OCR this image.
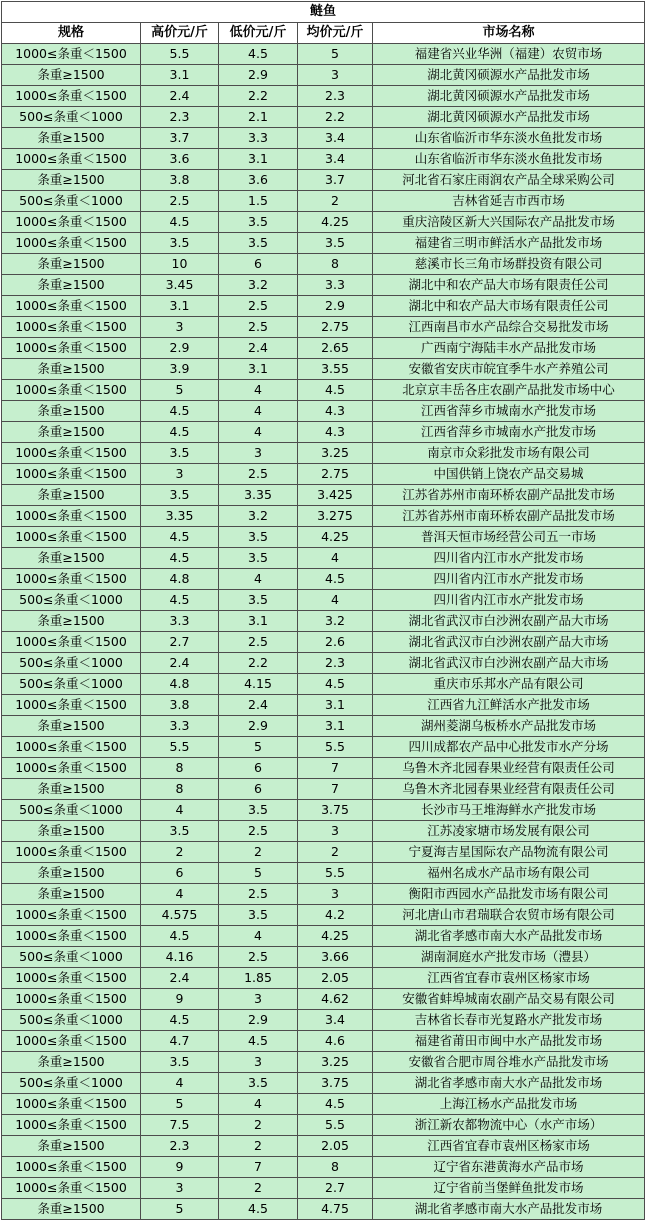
鲢鱼				
规格	高价元/斤	低价元/斤	均价元/斤	市场名称
1000≤条重＜1500	5.5	4.5	5	福建省兴业华洲（福建）农贸市场
条重≥1500	3.1	2.9	3	湖北黄冈硕源水产品批发市场
1000≤条重＜1500	2.4	2.2	2.3	湖北黄冈硕源水产品批发市场
500≤条重＜1000	2.3	2.1	2.2	湖北黄冈硕源水产品批发市场
条重≥1500	3.7	3.3	3.4	山东省临沂市华东淡水鱼批发市场
1000≤条重＜1500	3.6	3.1	3.4	山东省临沂市华东淡水鱼批发市场
条重≥1500	3.8	3.6	3.7	河北省石家庄雨润农产品全球采购公司
500≤条重＜1000	2.5	1.5	2	吉林省延吉市西市场
1000≤条重＜1500	4.5	3.5	4.25	重庆涪陵区新大兴国际农产品批发市场
1000≤条重＜1500	3.5	3.5	3.5	福建省三明市鲜活水产品批发市场
条重≥1500	10	6	8	慈溪市长三角市场群投资有限公司
条重≥1500	3.45	3.2	3.3	湖北中和农产品大市场有限责任公司
1000≤条重＜1500	3.1	2.5	2.9	湖北中和农产品大市场有限责任公司
1000≤条重＜1500	3	2.5	2.75	江西南昌市水产品综合交易批发市场
1000≤条重＜1500	2.9	2.4	2.65	广西南宁海陆丰水产品批发市场
条重≥1500	3.9	3.1	3.55	安徽省安庆市皖宜季牛水产养殖公司
1000≤条重＜1500	5	4	4.5	北京京丰岳各庄农副产品批发市场中心
条重≥1500	4.5	4	4.3	江西省萍乡市城南水产批发市场
条重≥1500	4.5	4	4.3	江西省萍乡市城南水产批发市场
1000≤条重＜1500	3.5	3	3.25	南京市众彩批发市场有限公司
1000≤条重＜1500	3	2.5	2.75	中国供销上饶农产品交易城
条重≥1500	3.5	3.35	3.425	江苏省苏州市南环桥农副产品批发市场
1000≤条重＜1500	3.35	3.2	3.275	江苏省苏州市南环桥农副产品批发市场
1000≤条重＜1500	4.5	3.5	4.25	普洱天恒市场经营公司五一市场
条重≥1500	4.5	3.5	4	四川省内江市水产批发市场
1000≤条重＜1500	4.8	4	4.5	四川省内江市水产批发市场
500≤条重＜1000	4.5	3.5	4	四川省内江市水产批发市场
条重≥1500	3.3	3.1	3.2	湖北省武汉市白沙洲农副产品大市场
1000≤条重＜1500	2.7	2.5	2.6	湖北省武汉市白沙洲农副产品大市场
500≤条重＜1000	2.4	2.2	2.3	湖北省武汉市白沙洲农副产品大市场
500≤条重＜1000	4.8	4.15	4.5	重庆市乐邦水产品有限公司
1000≤条重＜1500	3.8	2.4	3.1	江西省九江鲜活水产批发市场
条重≥1500	3.3	2.9	3.1	湖州菱湖乌板桥水产品批发市场
1000≤条重＜1500	5.5	5	5.5	四川成都农产品中心批发市水产分场
1000≤条重＜1500	8	6	7	乌鲁木齐北园春果业经营有限责任公司
条重≥1500	8	6	7	乌鲁木齐北园春果业经营有限责任公司
500≤条重＜1000	4	3.5	3.75	长沙市马王堆海鲜水产批发市场
条重≥1500	3.5	2.5	3	江苏凌家塘市场发展有限公司
1000≤条重＜1500	2	2	2	宁夏海吉星国际农产品物流有限公司
条重≥1500	6	5	5.5	福州名成水产品市场有限公司
条重≥1500	4	2.5	3	衡阳市西园水产品批发市场有限公司
1000≤条重＜1500	4.575	3.5	4.2	河北唐山市君瑞联合农贸市场有限公司
1000≤条重＜1500	4.5	4	4.25	湖北省孝感市南大水产品批发市场
500≤条重＜1000	4.16	2.5	3.66	湖南洞庭水产批发市场（澧县）
1000≤条重＜1500	2.4	1.85	2.05	江西省宜春市袁州区杨家市场
1000≤条重＜1500	9	3	4.62	安徽省蚌埠城南农副产品交易有限公司
500≤条重＜1000	4.5	2.9	3.4	吉林省长春市光复路水产批发市场
1000≤条重＜1500	4.7	4.5	4.6	福建省莆田市闽中水产品批发市场
条重≥1500	3.5	3	3.25	安徽省合肥市周谷堆水产品批发市场
500≤条重＜1000	4	3.5	3.75	湖北省孝感市南大水产品批发市场
1000≤条重＜1500	5	4	4.5	上海江杨水产品批发市场
1000≤条重＜1500	7.5	2	5.5	浙江新农都物流中心（水产市场）
条重≥1500	2.3	2	2.05	江西省宜春市袁州区杨家市场
1000≤条重＜1500	9	7	8	辽宁省东港黄海水产品市场
1000≤条重＜1500	3	2	2.7	辽宁省前当堡鲜鱼批发市场
条重≥1500	5	4.5	4.75	湖北省孝感市南大水产品批发市场
